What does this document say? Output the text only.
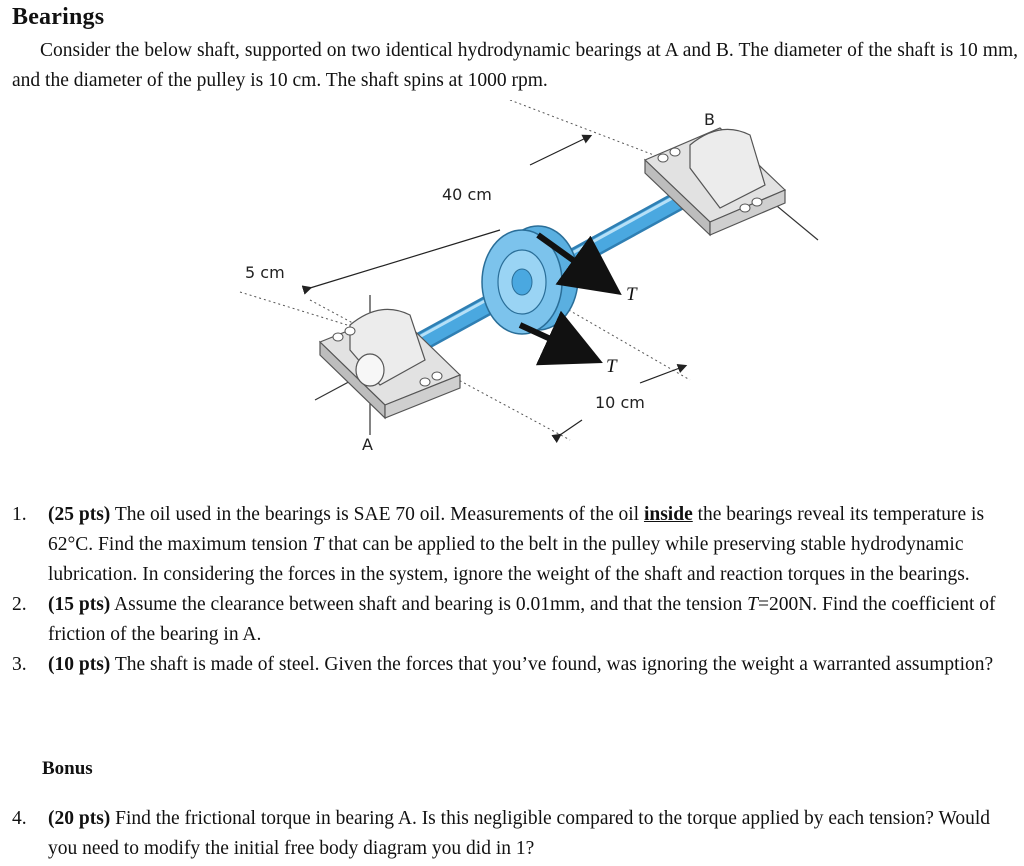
Bearings
Consider the below shaft, supported on two identical hydrodynamic bearings at A and B. The diameter of the shaft is 10 mm, and the diameter of the pulley is 10 cm. The shaft spins at 1000 rpm.
B
A
40 cm
5 cm
10 cm
T
T
1.	(25 pts) The oil used in the bearings is SAE 70 oil. Measurements of the oil inside the bearings reveal its temperature is 62°C. Find the maximum tension T that can be applied to the belt in the pulley while preserving stable hydrodynamic lubrication. In considering the forces in the system, ignore the weight of the shaft and reaction torques in the bearings.
2.	(15 pts) Assume the clearance between shaft and bearing is 0.01mm, and that the tension T=200N. Find the coefficient of friction of the bearing in A.
3.	(10 pts) The shaft is made of steel. Given the forces that you’ve found, was ignoring the weight a warranted assumption?
Bonus
4.	(20 pts) Find the frictional torque in bearing A. Is this negligible compared to the torque applied by each tension? Would you need to modify the initial free body diagram you did in 1?
